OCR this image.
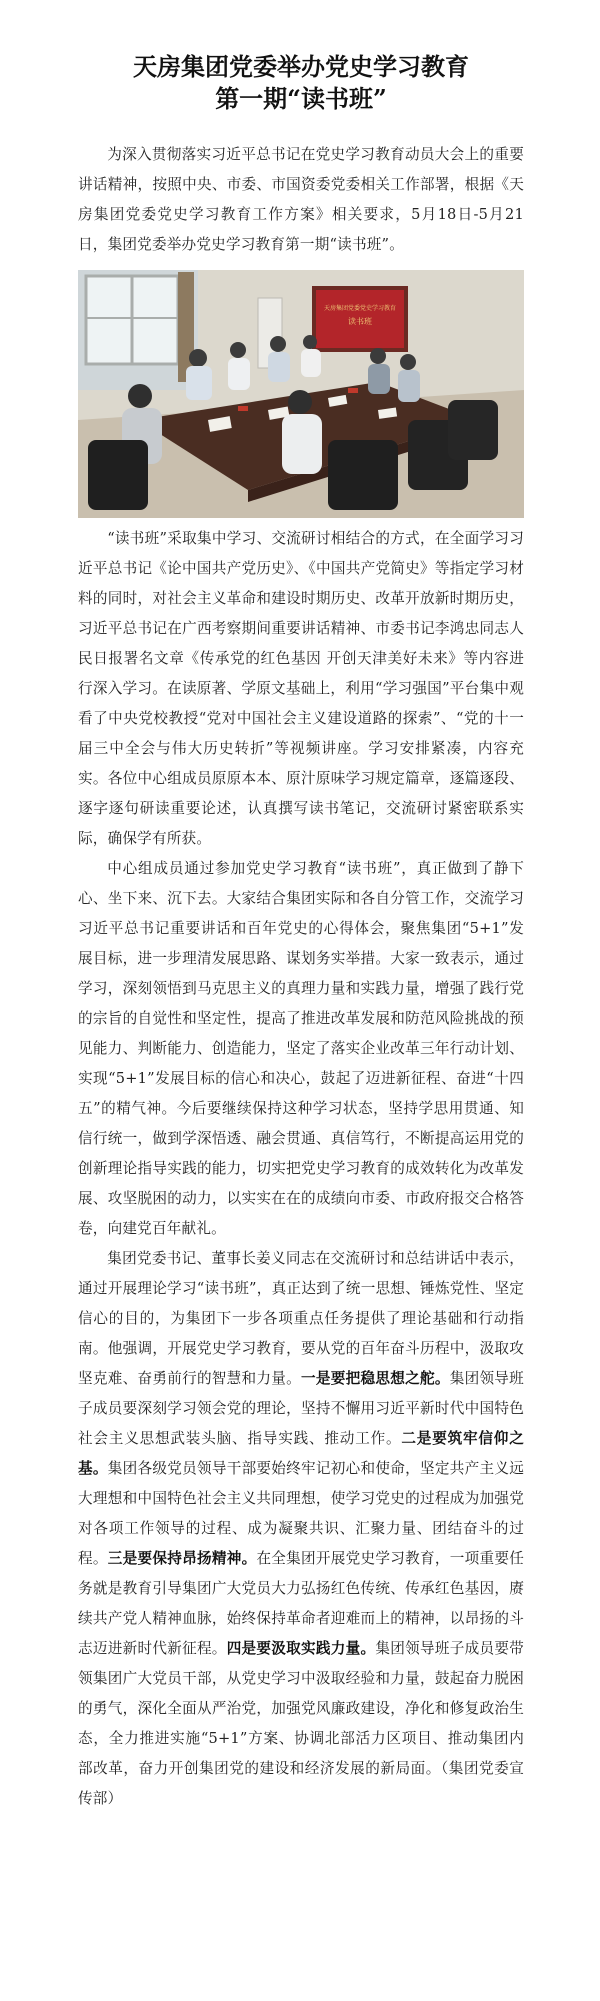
天房集团党委举办党史学习教育
第一期“读书班”

为深入贯彻落实习近平总书记在党史学习教育动员大会上的重要讲话精神，按照中央、市委、市国资委党委相关工作部署，根据《天房集团党委党史学习教育工作方案》相关要求，5月18日-5月21日，集团党委举办党史学习教育第一期“读书班”。

天房集团党委党史学习教育
读书班

“读书班”采取集中学习、交流研讨相结合的方式，在全面学习习近平总书记《论中国共产党历史》、《中国共产党简史》等指定学习材料的同时，对社会主义革命和建设时期历史、改革开放新时期历史，习近平总书记在广西考察期间重要讲话精神、市委书记李鸿忠同志人民日报署名文章《传承党的红色基因 开创天津美好未来》等内容进行深入学习。在读原著、学原文基础上，利用“学习强国”平台集中观看了中央党校教授“党对中国社会主义建设道路的探索”、“党的十一届三中全会与伟大历史转折”等视频讲座。学习安排紧凑，内容充实。各位中心组成员原原本本、原汁原味学习规定篇章，逐篇逐段、逐字逐句研读重要论述，认真撰写读书笔记，交流研讨紧密联系实际，确保学有所获。

中心组成员通过参加党史学习教育“读书班”，真正做到了静下心、坐下来、沉下去。大家结合集团实际和各自分管工作，交流学习习近平总书记重要讲话和百年党史的心得体会，聚焦集团“5+1”发展目标，进一步理清发展思路、谋划务实举措。大家一致表示，通过学习，深刻领悟到马克思主义的真理力量和实践力量，增强了践行党的宗旨的自觉性和坚定性，提高了推进改革发展和防范风险挑战的预见能力、判断能力、创造能力，坚定了落实企业改革三年行动计划、实现“5+1”发展目标的信心和决心，鼓起了迈进新征程、奋进“十四五”的精气神。今后要继续保持这种学习状态，坚持学思用贯通、知信行统一，做到学深悟透、融会贯通、真信笃行，不断提高运用党的创新理论指导实践的能力，切实把党史学习教育的成效转化为改革发展、攻坚脱困的动力，以实实在在的成绩向市委、市政府报交合格答卷，向建党百年献礼。

集团党委书记、董事长姜义同志在交流研讨和总结讲话中表示，通过开展理论学习“读书班”，真正达到了统一思想、锤炼党性、坚定信心的目的，为集团下一步各项重点任务提供了理论基础和行动指南。他强调，开展党史学习教育，要从党的百年奋斗历程中，汲取攻坚克难、奋勇前行的智慧和力量。一是要把稳思想之舵。集团领导班子成员要深刻学习领会党的理论，坚持不懈用习近平新时代中国特色社会主义思想武装头脑、指导实践、推动工作。二是要筑牢信仰之基。集团各级党员领导干部要始终牢记初心和使命，坚定共产主义远大理想和中国特色社会主义共同理想，使学习党史的过程成为加强党对各项工作领导的过程、成为凝聚共识、汇聚力量、团结奋斗的过程。三是要保持昂扬精神。在全集团开展党史学习教育，一项重要任务就是教育引导集团广大党员大力弘扬红色传统、传承红色基因，赓续共产党人精神血脉，始终保持革命者迎难而上的精神，以昂扬的斗志迈进新时代新征程。四是要汲取实践力量。集团领导班子成员要带领集团广大党员干部，从党史学习中汲取经验和力量，鼓起奋力脱困的勇气，深化全面从严治党，加强党风廉政建设，净化和修复政治生态，全力推进实施“5+1”方案、协调北部活力区项目、推动集团内部改革，奋力开创集团党的建设和经济发展的新局面。（集团党委宣传部）
